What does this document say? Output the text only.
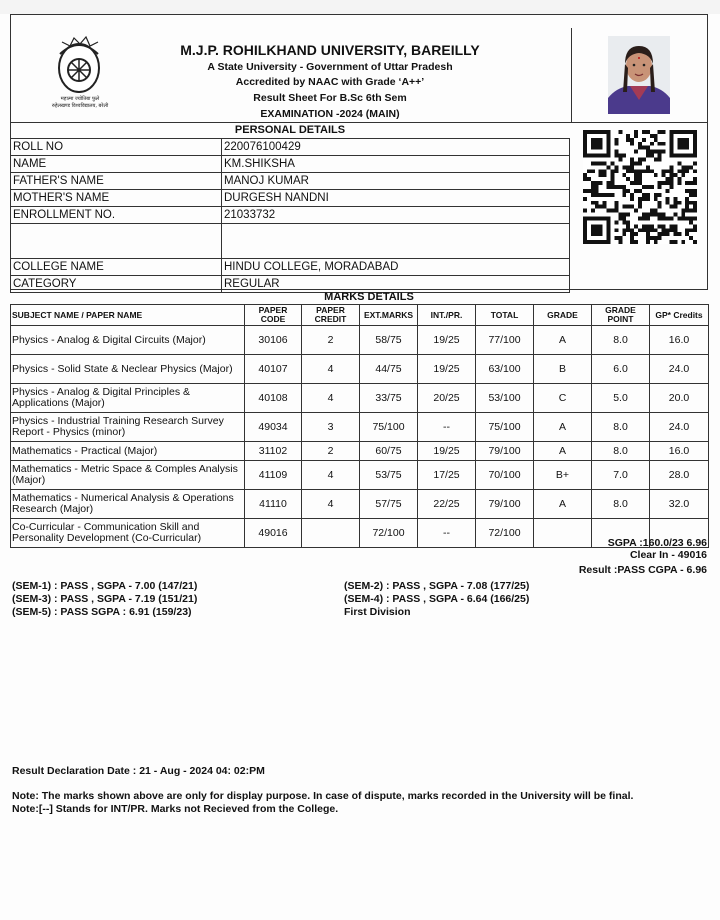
महात्मा ज्योतिबा फुले
रुहेलखण्ड विश्वविद्यालय, बरेली
M.J.P. ROHILKHAND UNIVERSITY, BAREILLY
A State University - Government of Uttar Pradesh
Accredited by NAAC with Grade ‘A++’
Result Sheet For B.Sc 6th Sem
EXAMINATION -2024 (MAIN)
PERSONAL DETAILS
ROLL NO	220076100429
NAME	KM.SHIKSHA
FATHER'S NAME	MANOJ KUMAR
MOTHER'S NAME	DURGESH NANDNI
ENROLLMENT NO.	21033732

COLLEGE NAME	HINDU COLLEGE, MORADABAD
CATEGORY	REGULAR
MARKS DETAILS
SUBJECT NAME / PAPER NAME	PAPER CODE	PAPER CREDIT	EXT.MARKS	INT./PR.	TOTAL	GRADE	GRADE POINT	GP* Credits
Physics - Analog & Digital Circuits (Major)	30106	2	58/75	19/25	77/100	A	8.0	16.0
Physics - Solid State & Neclear Physics (Major)	40107	4	44/75	19/25	63/100	B	6.0	24.0
Physics - Analog & Digital Principles & Applications (Major)	40108	4	33/75	20/25	53/100	C	5.0	20.0
Physics - Industrial Training Research Survey Report - Physics (minor)	49034	3	75/100	--	75/100	A	8.0	24.0
Mathematics - Practical (Major)	31102	2	60/75	19/25	79/100	A	8.0	16.0
Mathematics - Metric Space & Comples Analysis (Major)	41109	4	53/75	17/25	70/100	B+	7.0	28.0
Mathematics - Numerical Analysis & Operations Research (Major)	41110	4	57/75	22/25	79/100	A	8.0	32.0
Co-Curricular - Communication Skill and Personality Development (Co-Curricular)	49016		72/100	--	72/100			
SGPA :160.0/23 6.96
Clear In - 49016
Result :PASS CGPA - 6.96
(SEM-1) : PASS , SGPA - 7.00 (147/21)
(SEM-3) : PASS , SGPA - 7.19 (151/21)
(SEM-5) : PASS SGPA : 6.91 (159/23)
(SEM-2) : PASS , SGPA - 7.08 (177/25)
(SEM-4) : PASS , SGPA - 6.64 (166/25)
First Division
Result Declaration Date : 21 - Aug - 2024 04: 02:PM
Note: The marks shown above are only for display purpose. In case of dispute, marks recorded in the University will be final.
Note:[--] Stands for INT/PR. Marks not Recieved from the College.
